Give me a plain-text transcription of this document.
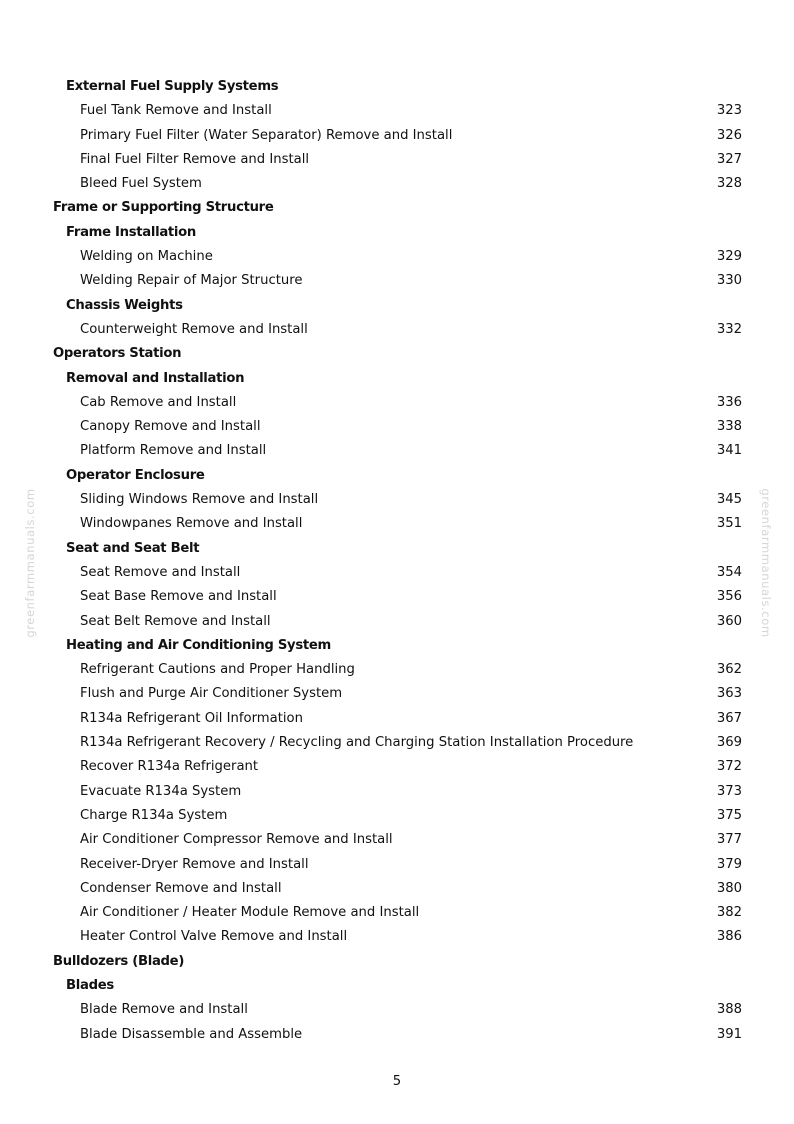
External Fuel Supply Systems
Fuel Tank Remove and Install	323
Primary Fuel Filter (Water Separator) Remove and Install	326
Final Fuel Filter Remove and Install	327
Bleed Fuel System	328
Frame or Supporting Structure
Frame Installation
Welding on Machine	329
Welding Repair of Major Structure	330
Chassis Weights
Counterweight Remove and Install	332
Operators Station
Removal and Installation
Cab Remove and Install	336
Canopy Remove and Install	338
Platform Remove and Install	341
Operator Enclosure
Sliding Windows Remove and Install	345
Windowpanes Remove and Install	351
Seat and Seat Belt
Seat Remove and Install	354
Seat Base Remove and Install	356
Seat Belt Remove and Install	360
Heating and Air Conditioning System
Refrigerant Cautions and Proper Handling	362
Flush and Purge Air Conditioner System	363
R134a Refrigerant Oil Information	367
R134a Refrigerant Recovery / Recycling and Charging Station Installation Procedure	369
Recover R134a Refrigerant	372
Evacuate R134a System	373
Charge R134a System	375
Air Conditioner Compressor Remove and Install	377
Receiver-Dryer Remove and Install	379
Condenser Remove and Install	380
Air Conditioner / Heater Module Remove and Install	382
Heater Control Valve Remove and Install	386
Bulldozers (Blade)
Blades
Blade Remove and Install	388
Blade Disassemble and Assemble	391
greenfarmmanuals.com	greenfarmmanuals.com
5
